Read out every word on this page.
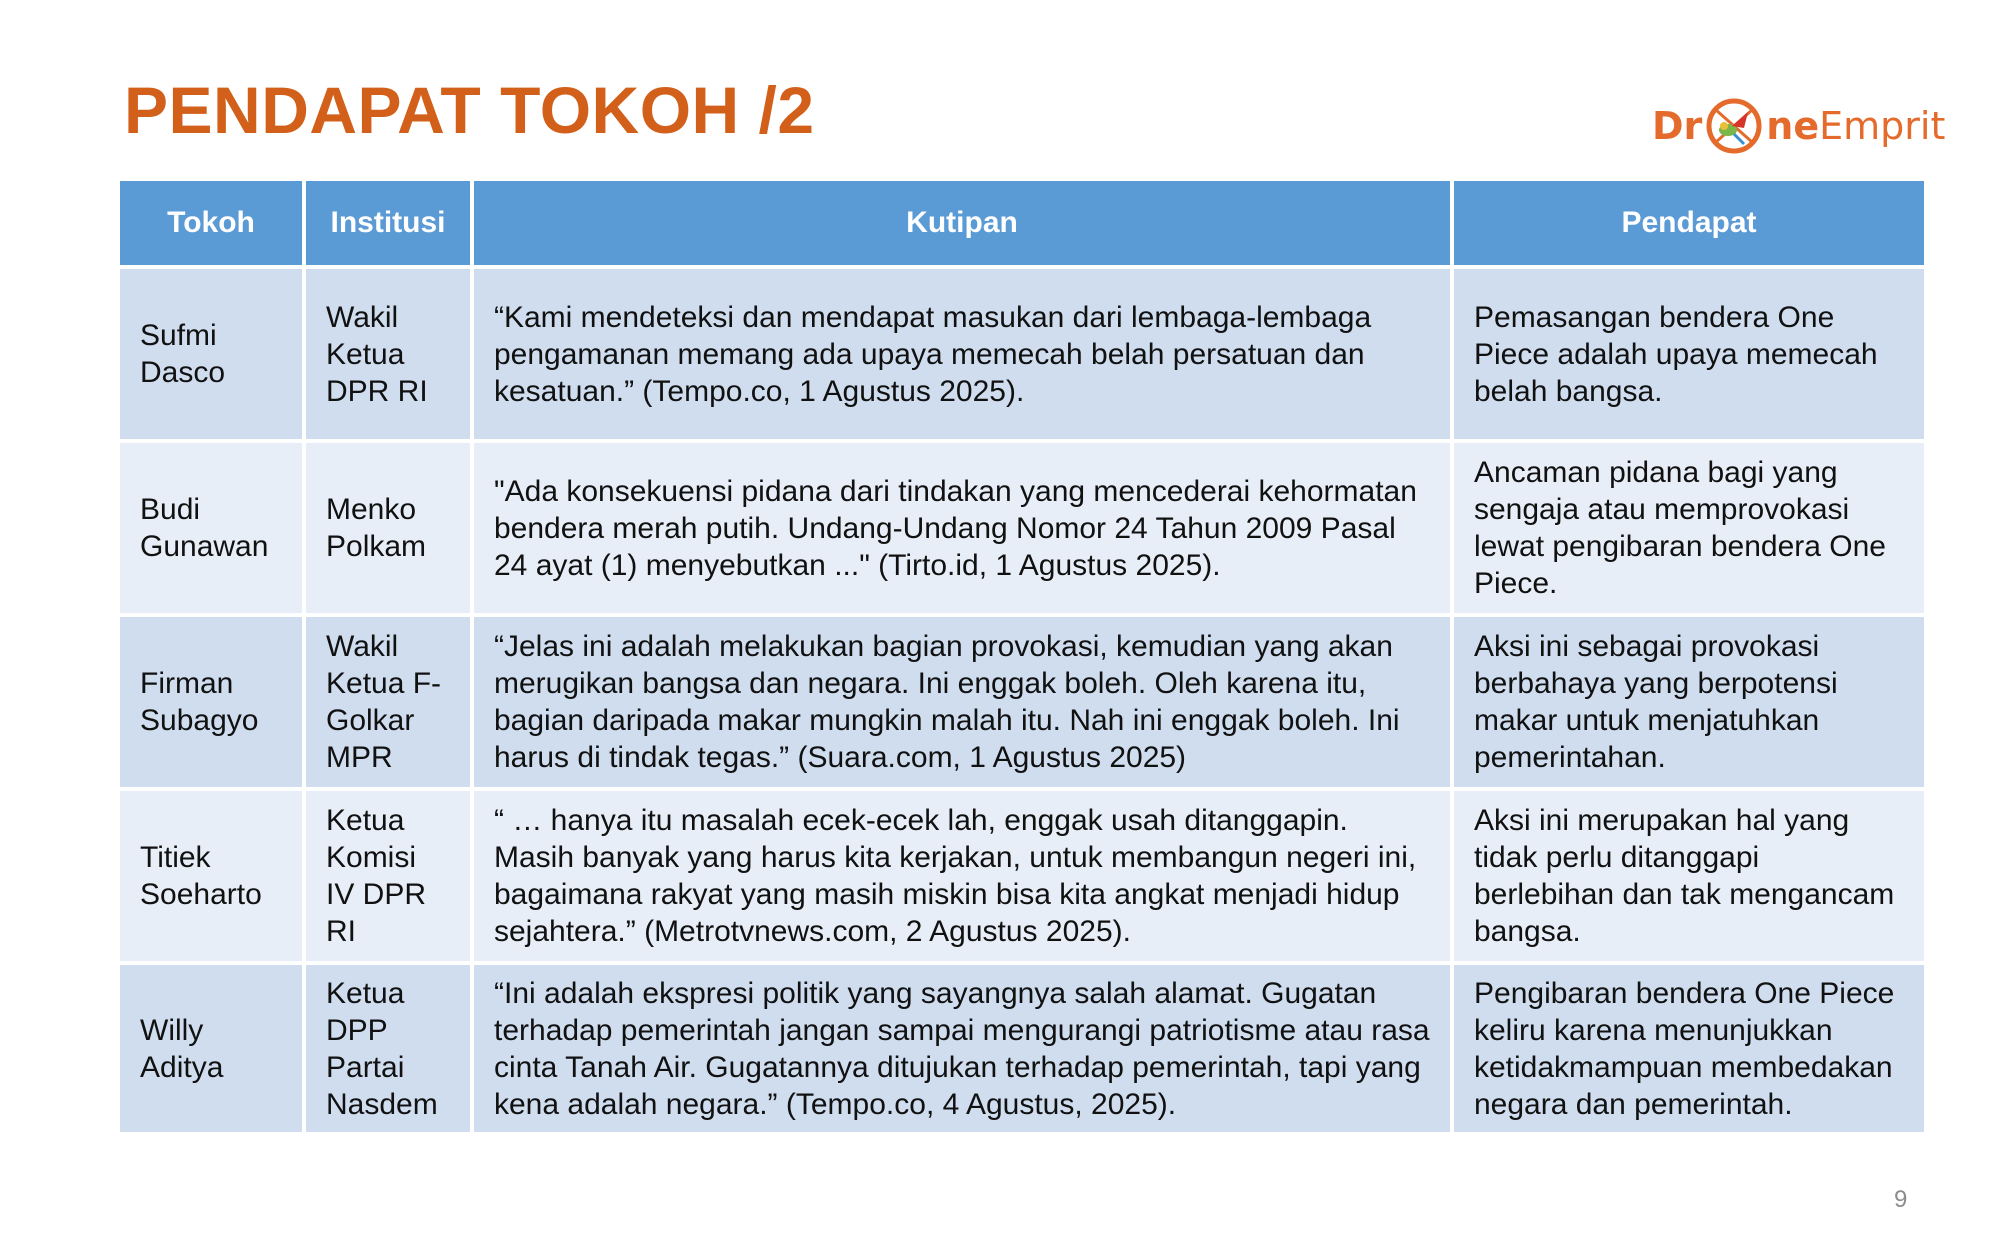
PENDAPAT TOKOH /2	Dr ne Emprit
Tokoh	Institusi	Kutipan	Pendapat
Sufmi Dasco	Wakil Ketua DPR RI	“Kami mendeteksi dan mendapat masukan dari lembaga-lembaga pengamanan memang ada upaya memecah belah persatuan dan kesatuan.” (Tempo.co, 1 Agustus 2025).	Pemasangan bendera One Piece adalah upaya memecah belah bangsa.
Budi Gunawan	Menko Polkam	"Ada konsekuensi pidana dari tindakan yang mencederai kehormatan bendera merah putih. Undang-Undang Nomor 24 Tahun 2009 Pasal 24 ayat (1) menyebutkan ..." (Tirto.id, 1 Agustus 2025).	Ancaman pidana bagi yang sengaja atau memprovokasi lewat pengibaran bendera One Piece.
Firman Subagyo	Wakil Ketua F-Golkar MPR	“Jelas ini adalah melakukan bagian provokasi, kemudian yang akan merugikan bangsa dan negara. Ini enggak boleh. Oleh karena itu, bagian daripada makar mungkin malah itu. Nah ini enggak boleh. Ini harus di tindak tegas.” (Suara.com, 1 Agustus 2025)	Aksi ini sebagai provokasi berbahaya yang berpotensi makar untuk menjatuhkan pemerintahan.
Titiek Soeharto	Ketua Komisi IV DPR RI	“ … hanya itu masalah ecek-ecek lah, enggak usah ditanggapin. Masih banyak yang harus kita kerjakan, untuk membangun negeri ini, bagaimana rakyat yang masih miskin bisa kita angkat menjadi hidup sejahtera.” (Metrotvnews.com, 2 Agustus 2025).	Aksi ini merupakan hal yang tidak perlu ditanggapi berlebihan dan tak mengancam bangsa.
Willy Aditya	Ketua DPP Partai Nasdem	“Ini adalah ekspresi politik yang sayangnya salah alamat. Gugatan terhadap pemerintah jangan sampai mengurangi patriotisme atau rasa cinta Tanah Air. Gugatannya ditujukan terhadap pemerintah, tapi yang kena adalah negara.” (Tempo.co, 4 Agustus, 2025).	Pengibaran bendera One Piece keliru karena menunjukkan ketidakmampuan membedakan negara dan pemerintah.
9
